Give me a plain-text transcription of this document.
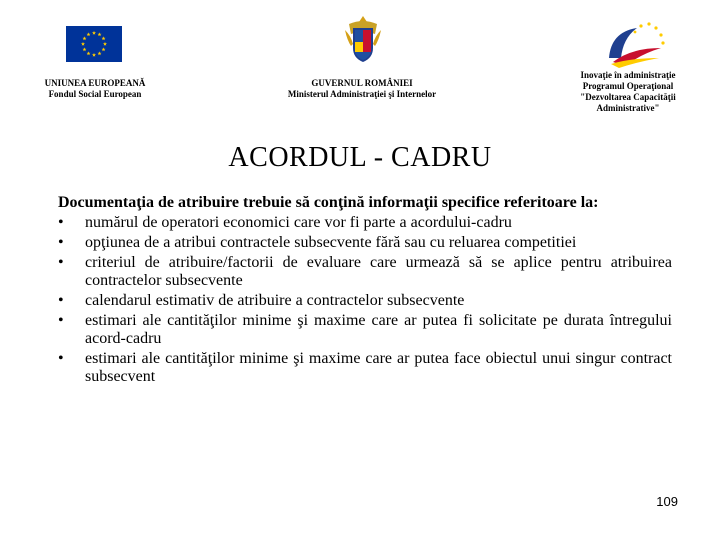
UNIUNEA EUROPEANĂ
Fondul Social European
GUVERNUL ROMÂNIEI
Ministerul Administraţiei şi Internelor
Inovaţie în administraţie
Programul Operaţional
"Dezvoltarea Capacităţii
Administrative"
ACORDUL - CADRU

Documentaţia de atribuire trebuie să conţină informaţii specifice referitoare la:

• numărul de operatori economici care vor fi parte a acordului-cadru
• opţiunea de a atribui contractele subsecvente fără sau cu reluarea competitiei
• criteriul de atribuire/factorii de evaluare care urmează să se aplice pentru atribuirea contractelor subsecvente
• calendarul estimativ de atribuire a contractelor subsecvente
• estimari ale cantităţilor minime şi maxime care ar putea fi solicitate pe durata întregului acord-cadru
• estimari ale cantităţilor minime şi maxime care ar putea face obiectul unui singur contract subsecvent
109
